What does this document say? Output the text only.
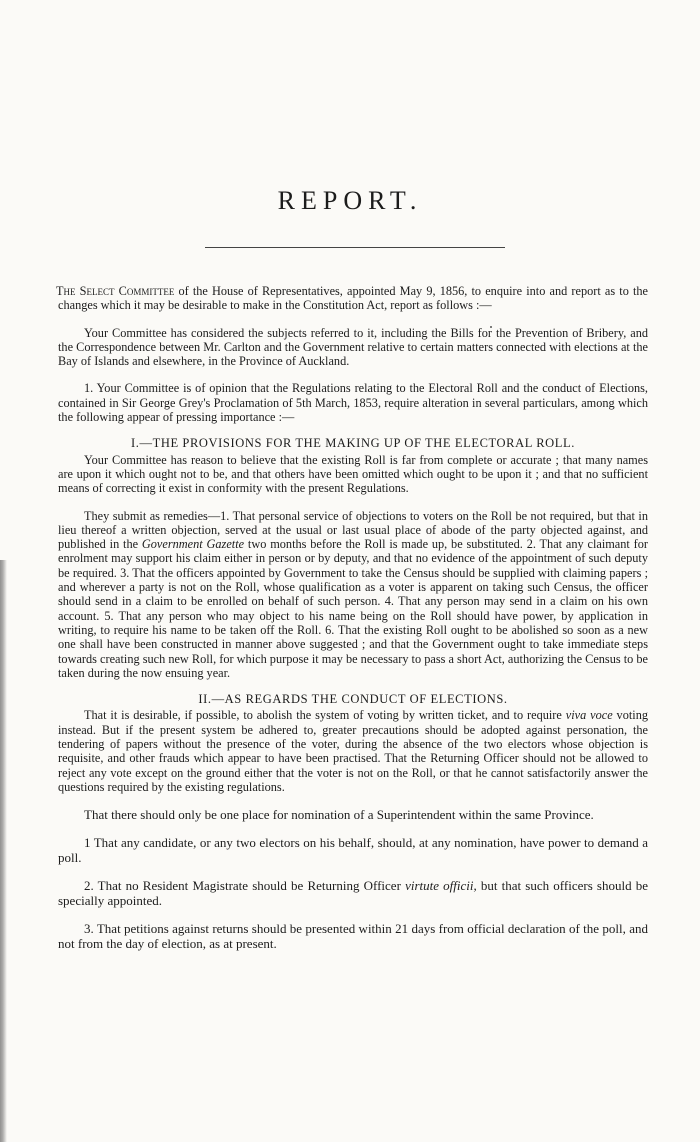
REPORT.

The Select Committee of the House of Representatives, appointed May 9, 1856, to enquire into and report as to the changes which it may be desirable to make in the Constitution Act, report as follows :—

Your Committee has considered the subjects referred to it, including the Bills for the Prevention of Bribery, and the Correspondence between Mr. Carlton and the Government relative to certain matters connected with elections at the Bay of Islands and elsewhere, in the Province of Auckland.

1. Your Committee is of opinion that the Regulations relating to the Electoral Roll and the conduct of Elections, contained in Sir George Grey's Proclamation of 5th March, 1853, require alteration in several particulars, among which the following appear of pressing importance :—

I.—THE PROVISIONS FOR THE MAKING UP OF THE ELECTORAL ROLL.

Your Committee has reason to believe that the existing Roll is far from complete or accurate ; that many names are upon it which ought not to be, and that others have been omitted which ought to be upon it ; and that no sufficient means of correcting it exist in conformity with the present Regulations.

They submit as remedies—1. That personal service of objections to voters on the Roll be not required, but that in lieu thereof a written objection, served at the usual or last usual place of abode of the party objected against, and published in the Government Gazette two months before the Roll is made up, be substituted. 2. That any claimant for enrolment may support his claim either in person or by deputy, and that no evidence of the appointment of such deputy be required. 3. That the officers appointed by Government to take the Census should be supplied with claiming papers ; and wherever a party is not on the Roll, whose qualification as a voter is apparent on taking such Census, the officer should send in a claim to be enrolled on behalf of such person. 4. That any person may send in a claim on his own account. 5. That any person who may object to his name being on the Roll should have power, by application in writing, to require his name to be taken off the Roll. 6. That the existing Roll ought to be abolished so soon as a new one shall have been constructed in manner above suggested ; and that the Government ought to take immediate steps towards creating such new Roll, for which purpose it may be necessary to pass a short Act, authorizing the Census to be taken during the now ensuing year.

II.—AS REGARDS THE CONDUCT OF ELECTIONS.

That it is desirable, if possible, to abolish the system of voting by written ticket, and to require viva voce voting instead. But if the present system be adhered to, greater precautions should be adopted against personation, the tendering of papers without the presence of the voter, during the absence of the two electors whose objection is requisite, and other frauds which appear to have been practised. That the Returning Officer should not be allowed to reject any vote except on the ground either that the voter is not on the Roll, or that he cannot satisfactorily answer the questions required by the existing regulations.

That there should only be one place for nomination of a Superintendent within the same Province.

1 That any candidate, or any two electors on his behalf, should, at any nomination, have power to demand a poll.

2. That no Resident Magistrate should be Returning Officer virtute officii, but that such officers should be specially appointed.

3. That petitions against returns should be presented within 21 days from official declaration of the poll, and not from the day of election, as at present.
